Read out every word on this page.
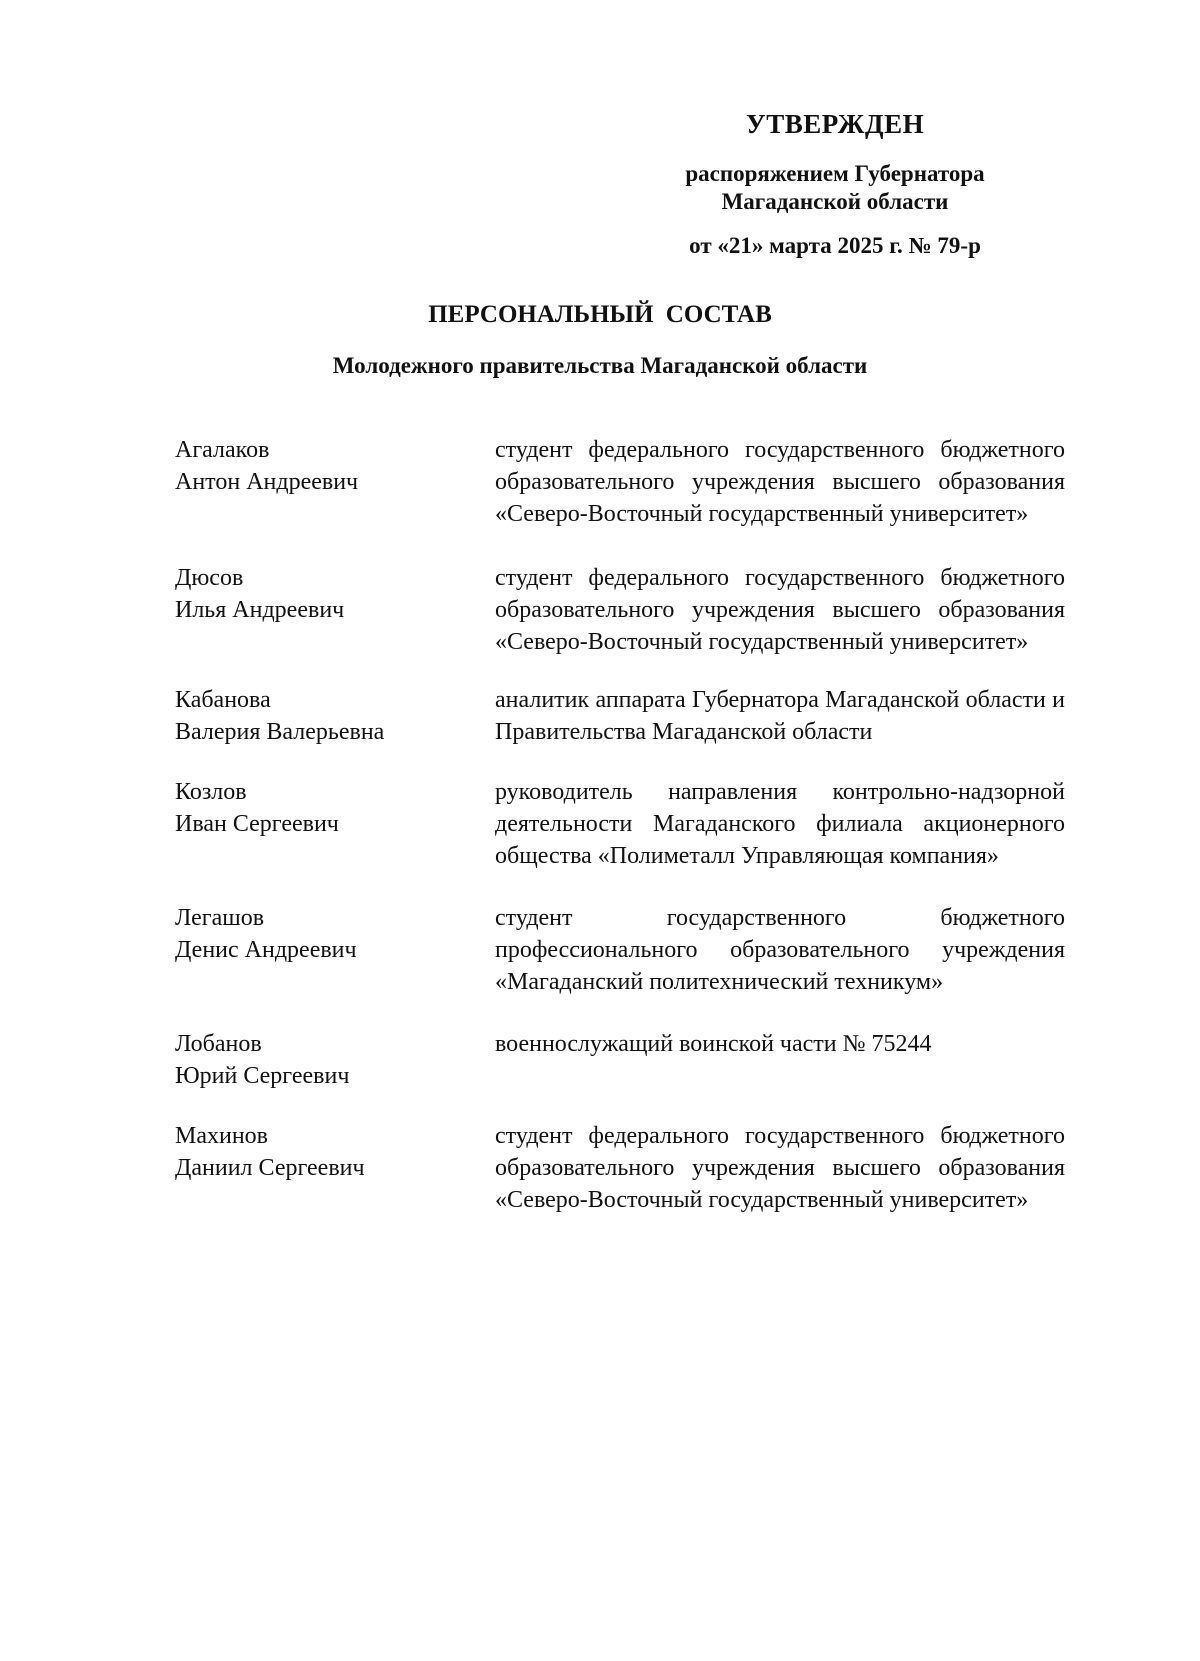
УТВЕРЖДЕН
распоряжением Губернатора
Магаданской области
от «21» марта 2025 г. № 79-р
ПЕРСОНАЛЬНЫЙ СОСТАВ
Молодежного правительства Магаданской области
Агалаков
Антон Андреевич
студент федерального государственного бюджетного образовательного учреждения высшего образования «Северо-Восточный государственный университет»
Дюсов
Илья Андреевич
студент федерального государственного бюджетного образовательного учреждения высшего образования «Северо-Восточный государственный университет»
Кабанова
Валерия Валерьевна
аналитик аппарата Губернатора Магаданской области и Правительства Магаданской области
Козлов
Иван Сергеевич
руководитель направления контрольно-надзорной деятельности Магаданского филиала акционерного общества «Полиметалл Управляющая компания»
Легашов
Денис Андреевич
студент государственного бюджетного профессионального образовательного учреждения «Магаданский политехнический техникум»
Лобанов
Юрий Сергеевич
военнослужащий воинской части № 75244
Махинов
Даниил Сергеевич
студент федерального государственного бюджетного образовательного учреждения высшего образования «Северо-Восточный государственный университет»
